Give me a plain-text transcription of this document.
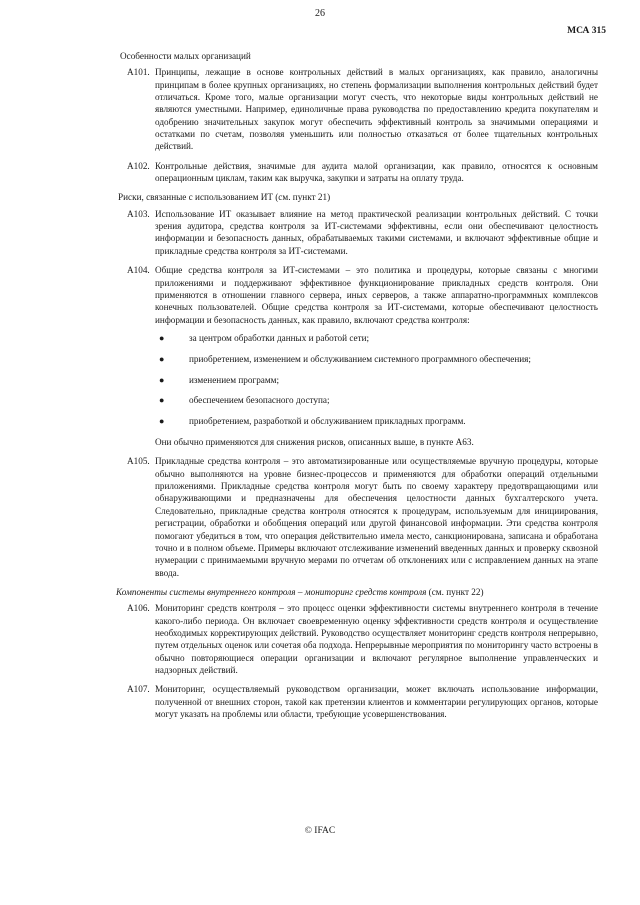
26
МСА 315
Особенности малых организаций
A101. Принципы, лежащие в основе контрольных действий в малых организациях, как правило, аналогичны принципам в более крупных организациях, но степень формализации выполнения контрольных действий будет отличаться. Кроме того, малые организации могут счесть, что некоторые виды контрольных действий не являются уместными. Например, единоличные права руководства по предоставлению кредита покупателям и одобрению значительных закупок могут обеспечить эффективный контроль за значимыми операциями и остатками по счетам, позволяя уменьшить или полностью отказаться от более тщательных контрольных действий.

A102. Контрольные действия, значимые для аудита малой организации, как правило, относятся к основным операционным циклам, таким как выручка, закупки и затраты на оплату труда.

Риски, связанные с использованием ИТ (см. пункт 21)
A103. Использование ИТ оказывает влияние на метод практической реализации контрольных действий. С точки зрения аудитора, средства контроля за ИТ-системами эффективны, если они обеспечивают целостность информации и безопасность данных, обрабатываемых такими системами, и включают эффективные общие и прикладные средства контроля за ИТ-системами.

A104. Общие средства контроля за ИТ-системами – это политика и процедуры, которые связаны с многими приложениями и поддерживают эффективное функционирование прикладных средств контроля. Они применяются в отношении главного сервера, иных серверов, а также аппаратно-программных комплексов конечных пользователей. Общие средства контроля за ИТ-системами, которые обеспечивают целостность информации и безопасность данных, как правило, включают средства контроля:

●	за центром обработки данных и работой сети;
●	приобретением, изменением и обслуживанием системного программного обеспечения;
●	изменением программ;
●	обеспечением безопасного доступа;
●	приобретением, разработкой и обслуживанием прикладных программ.

Они обычно применяются для снижения рисков, описанных выше, в пункте А63.

A105. Прикладные средства контроля – это автоматизированные или осуществляемые вручную процедуры, которые обычно выполняются на уровне бизнес-процессов и применяются для обработки операций отдельными приложениями. Прикладные средства контроля могут быть по своему характеру предотвращающими или обнаруживающими и предназначены для обеспечения целостности данных бухгалтерского учета. Следовательно, прикладные средства контроля относятся к процедурам, используемым для инициирования, регистрации, обработки и обобщения операций или другой финансовой информации. Эти средства контроля помогают убедиться в том, что операция действительно имела место, санкционирована, записана и обработана точно и в полном объеме. Примеры включают отслеживание изменений введенных данных и проверку сквозной нумерации с принимаемыми вручную мерами по отчетам об отклонениях или с исправлением данных на этапе ввода.

Компоненты системы внутреннего контроля – мониторинг средств контроля (см. пункт 22)
A106. Мониторинг средств контроля – это процесс оценки эффективности системы внутреннего контроля в течение какого-либо периода. Он включает своевременную оценку эффективности средств контроля и осуществление необходимых корректирующих действий. Руководство осуществляет мониторинг средств контроля непрерывно, путем отдельных оценок или сочетая оба подхода. Непрерывные мероприятия по мониторингу часто встроены в обычно повторяющиеся операции организации и включают регулярное выполнение управленческих и надзорных действий.

A107. Мониторинг, осуществляемый руководством организации, может включать использование информации, полученной от внешних сторон, такой как претензии клиентов и комментарии регулирующих органов, которые могут указать на проблемы или области, требующие усовершенствования.

© IFAC
